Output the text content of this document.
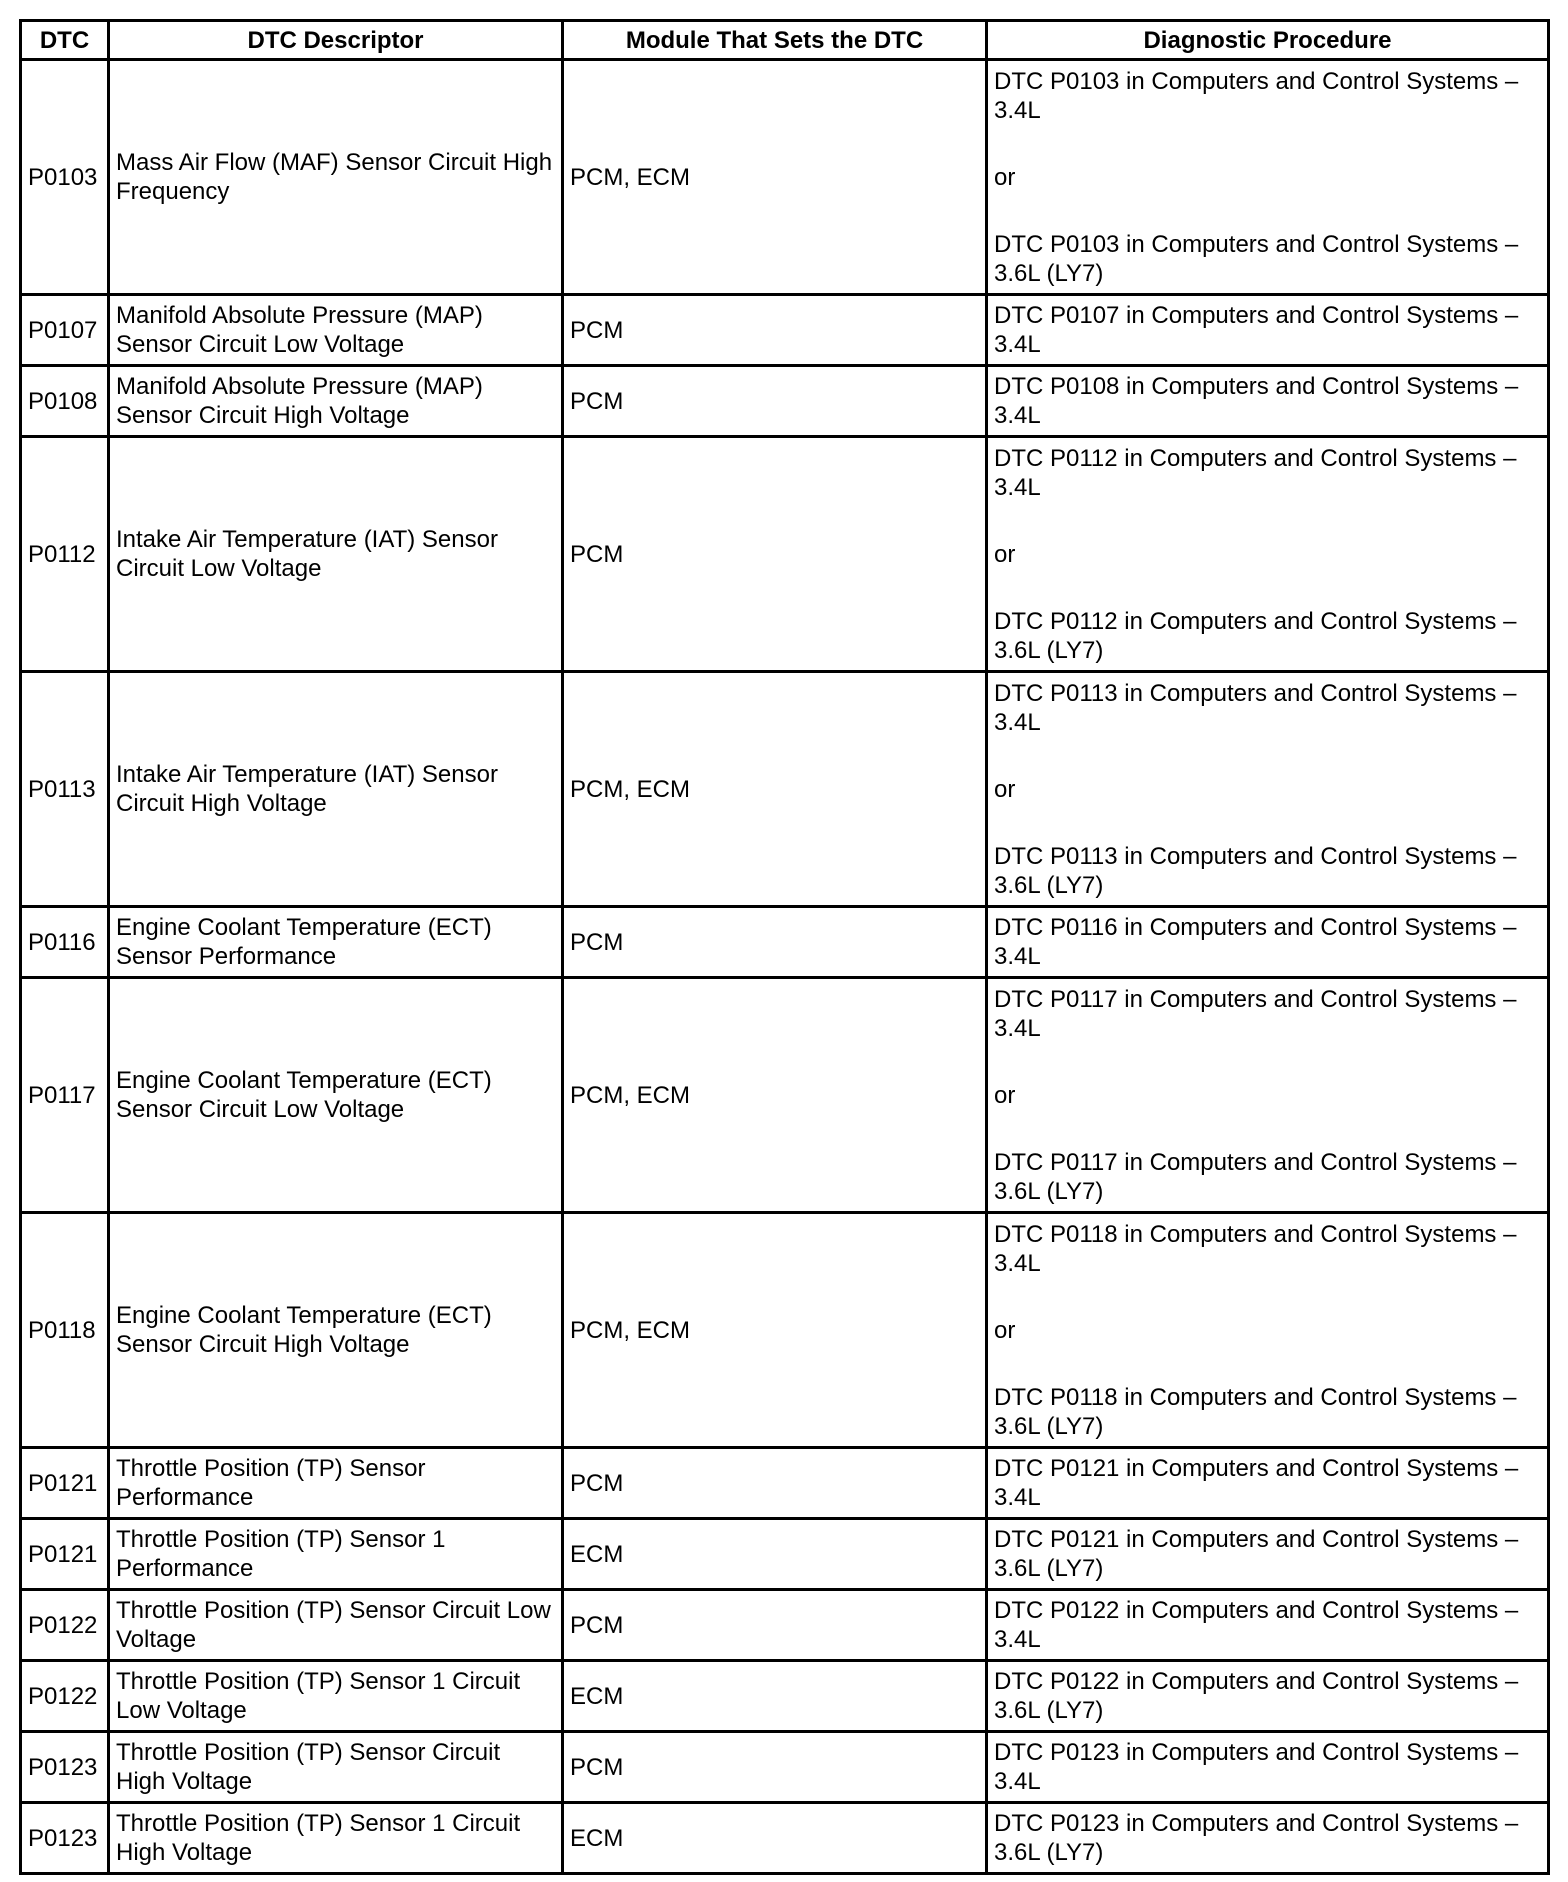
DTC	DTC Descriptor	Module That Sets the DTC	Diagnostic Procedure
P0103	Mass Air Flow (MAF) Sensor Circuit High Frequency	PCM, ECM	DTC P0103 in Computers and Control Systems – 3.4L
or
DTC P0103 in Computers and Control Systems – 3.6L (LY7)

P0107	Manifold Absolute Pressure (MAP) Sensor Circuit Low Voltage	PCM	DTC P0107 in Computers and Control Systems – 3.4L

P0108	Manifold Absolute Pressure (MAP) Sensor Circuit High Voltage	PCM	DTC P0108 in Computers and Control Systems – 3.4L

P0112	Intake Air Temperature (IAT) Sensor Circuit Low Voltage	PCM	DTC P0112 in Computers and Control Systems – 3.4L
or
DTC P0112 in Computers and Control Systems – 3.6L (LY7)

P0113	Intake Air Temperature (IAT) Sensor Circuit High Voltage	PCM, ECM	DTC P0113 in Computers and Control Systems – 3.4L
or
DTC P0113 in Computers and Control Systems – 3.6L (LY7)

P0116	Engine Coolant Temperature (ECT) Sensor Performance	PCM	DTC P0116 in Computers and Control Systems – 3.4L

P0117	Engine Coolant Temperature (ECT) Sensor Circuit Low Voltage	PCM, ECM	DTC P0117 in Computers and Control Systems – 3.4L
or
DTC P0117 in Computers and Control Systems – 3.6L (LY7)

P0118	Engine Coolant Temperature (ECT) Sensor Circuit High Voltage	PCM, ECM	DTC P0118 in Computers and Control Systems – 3.4L
or
DTC P0118 in Computers and Control Systems – 3.6L (LY7)

P0121	Throttle Position (TP) Sensor Performance	PCM	DTC P0121 in Computers and Control Systems – 3.4L

P0121	Throttle Position (TP) Sensor 1 Performance	ECM	DTC P0121 in Computers and Control Systems – 3.6L (LY7)

P0122	Throttle Position (TP) Sensor Circuit Low Voltage	PCM	DTC P0122 in Computers and Control Systems – 3.4L

P0122	Throttle Position (TP) Sensor 1 Circuit Low Voltage	ECM	DTC P0122 in Computers and Control Systems – 3.6L (LY7)

P0123	Throttle Position (TP) Sensor Circuit High Voltage	PCM	DTC P0123 in Computers and Control Systems – 3.4L

P0123	Throttle Position (TP) Sensor 1 Circuit High Voltage	ECM	DTC P0123 in Computers and Control Systems – 3.6L (LY7)
